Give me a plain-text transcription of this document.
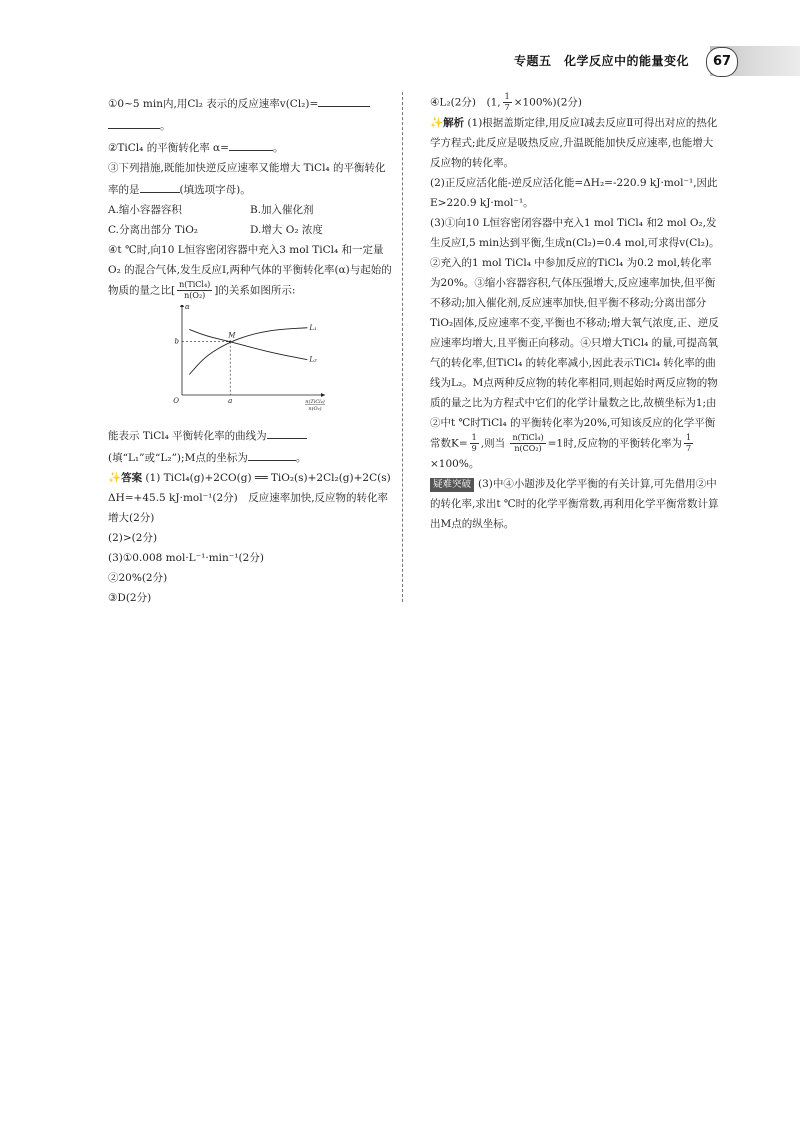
专题五　化学反应中的能量变化	67

①0~5 min内,用Cl₂ 表示的反应速率v(Cl₂)=
。

②TiCl₄ 的平衡转化率 α=	。

③下列措施,既能加快逆反应速率又能增大 TiCl₄ 的平衡转化率的是	(填选项字母)。

A.缩小容器容积	B.加入催化剂
C.分离出部分 TiO₂	D.增大 O₂ 浓度

④t ℃时,向10 L恒容密闭容器中充入3 mol TiCl₄ 和一定量 O₂ 的混合气体,发生反应Ⅰ,两种气体的平衡转化率(α)与起始的物质的量之比[ $\frac{\text{n(TiCl₄)}}{\text{n(O₂)}}$ ]的关系如图所示:

O
α
n(TiCl₄)
n(O₂)
L₁
L₂
M
a
b

能表示 TiCl₄ 平衡转化率的曲线为(填“L₁”或“L₂”);M点的坐标为	。

✨答案 (1) TiCl₄(g)+2CO(g) ══ TiO₂(s)+2Cl₂(g)+2C(s)　ΔH=+45.5 kJ·mol⁻¹(2分)　反应速率加快,反应物的转化率增大(2分)

(2)>(2分)

(3)①0.008 mol·L⁻¹·min⁻¹(2分)

②20%(2分)

③D(2分)

④L₂(2分)　(1, $\frac{1}{7} \times 100\%)(2$分)

✨解析 (1)根据盖斯定律,用反应Ⅰ减去反应Ⅱ可得出对应的热化学方程式;此反应是吸热反应,升温既能加快反应速率,也能增大反应物的转化率。

(2)正反应活化能-逆反应活化能=ΔH₂=-220.9 kJ·mol⁻¹,因此E>220.9 kJ·mol⁻¹。

(3)①向10 L恒容密闭容器中充入1 mol TiCl₄ 和2 mol O₂,发生反应Ⅰ,5 min达到平衡,生成n(Cl₂)=0.4 mol,可求得v(Cl₂)。②充入的1 mol TiCl₄ 中参加反应的TiCl₄ 为0.2 mol,转化率为20%。③缩小容器容积,气体压强增大,反应速率加快,但平衡不移动;加入催化剂,反应速率加快,但平衡不移动;分离出部分TiO₂固体,反应速率不变,平衡也不移动;增大氧气浓度,正、逆反应速率均增大,且平衡正向移动。④只增大TiCl₄ 的量,可提高氧气的转化率,但TiCl₄ 的转化率减小,因此表示TiCl₄ 转化率的曲线为L₂。M点两种反应物的转化率相同,则起始时两反应物的物质的量之比为方程式中它们的化学计量数之比,故横坐标为1;由②中t ℃时TiCl₄ 的平衡转化率为20%,可知该反应的化学平衡常数$K= \frac{1}{9}$ ,则当 $\frac{\text{n(TiCl₄)}}{\text{n(CO₂)}} =1$时,反应物的平衡转化率为 $\frac{1}{7}$
×100%。

疑难突破 (3)中④小题涉及化学平衡的有关计算,可先借用②中的转化率,求出t ℃时的化学平衡常数,再利用化学平衡常数计算出M点的纵坐标。
